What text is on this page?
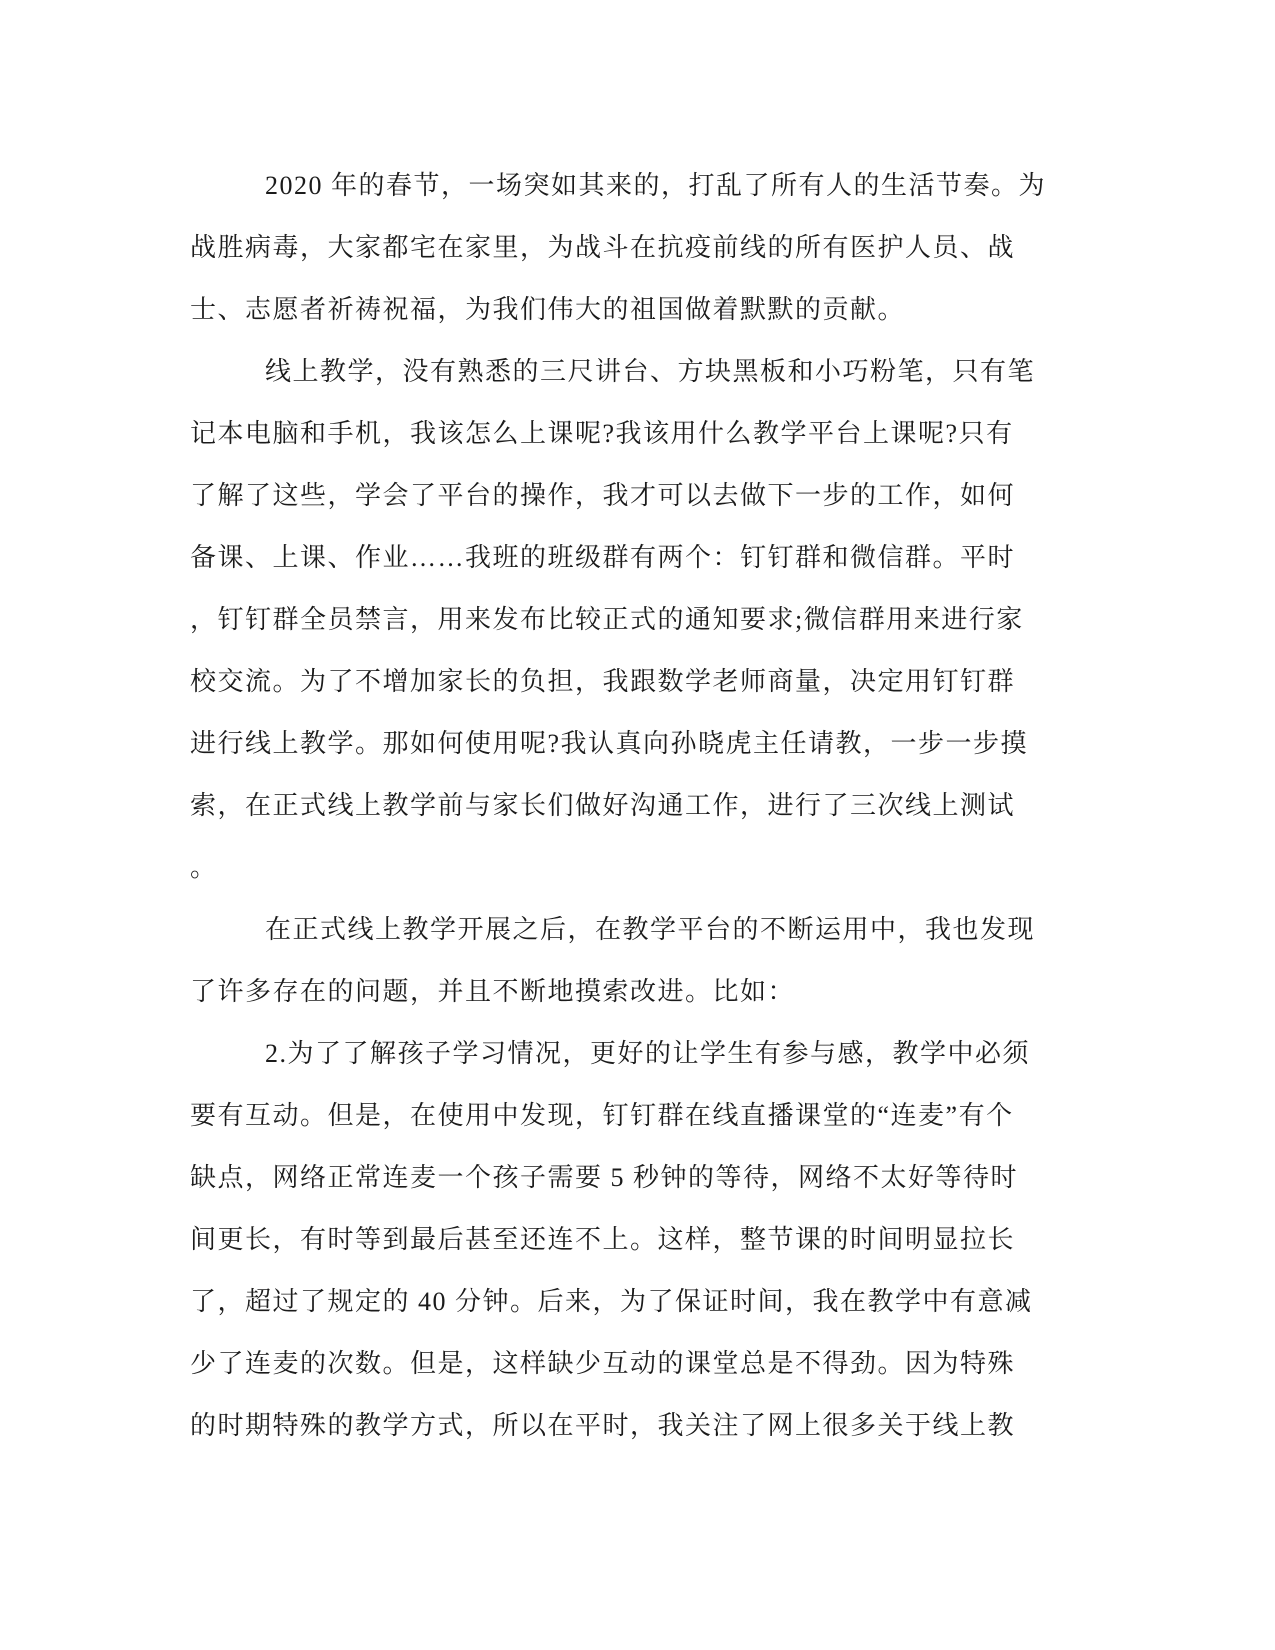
2020 年的春节，一场突如其来的，打乱了所有人的生活节奏。为
战胜病毒，大家都宅在家里，为战斗在抗疫前线的所有医护人员、战
士、志愿者祈祷祝福，为我们伟大的祖国做着默默的贡献。
线上教学，没有熟悉的三尺讲台、方块黑板和小巧粉笔，只有笔
记本电脑和手机，我该怎么上课呢?我该用什么教学平台上课呢?只有
了解了这些，学会了平台的操作，我才可以去做下一步的工作，如何
备课、上课、作业……我班的班级群有两个：钉钉群和微信群。平时
，钉钉群全员禁言，用来发布比较正式的通知要求;微信群用来进行家
校交流。为了不增加家长的负担，我跟数学老师商量，决定用钉钉群
进行线上教学。那如何使用呢?我认真向孙晓虎主任请教，一步一步摸
索，在正式线上教学前与家长们做好沟通工作，进行了三次线上测试
。
在正式线上教学开展之后，在教学平台的不断运用中，我也发现
了许多存在的问题，并且不断地摸索改进。比如：
2.为了了解孩子学习情况，更好的让学生有参与感，教学中必须
要有互动。但是，在使用中发现，钉钉群在线直播课堂的“连麦”有个
缺点，网络正常连麦一个孩子需要 5 秒钟的等待，网络不太好等待时
间更长，有时等到最后甚至还连不上。这样，整节课的时间明显拉长
了，超过了规定的 40 分钟。后来，为了保证时间，我在教学中有意减
少了连麦的次数。但是，这样缺少互动的课堂总是不得劲。因为特殊
的时期特殊的教学方式，所以在平时，我关注了网上很多关于线上教
